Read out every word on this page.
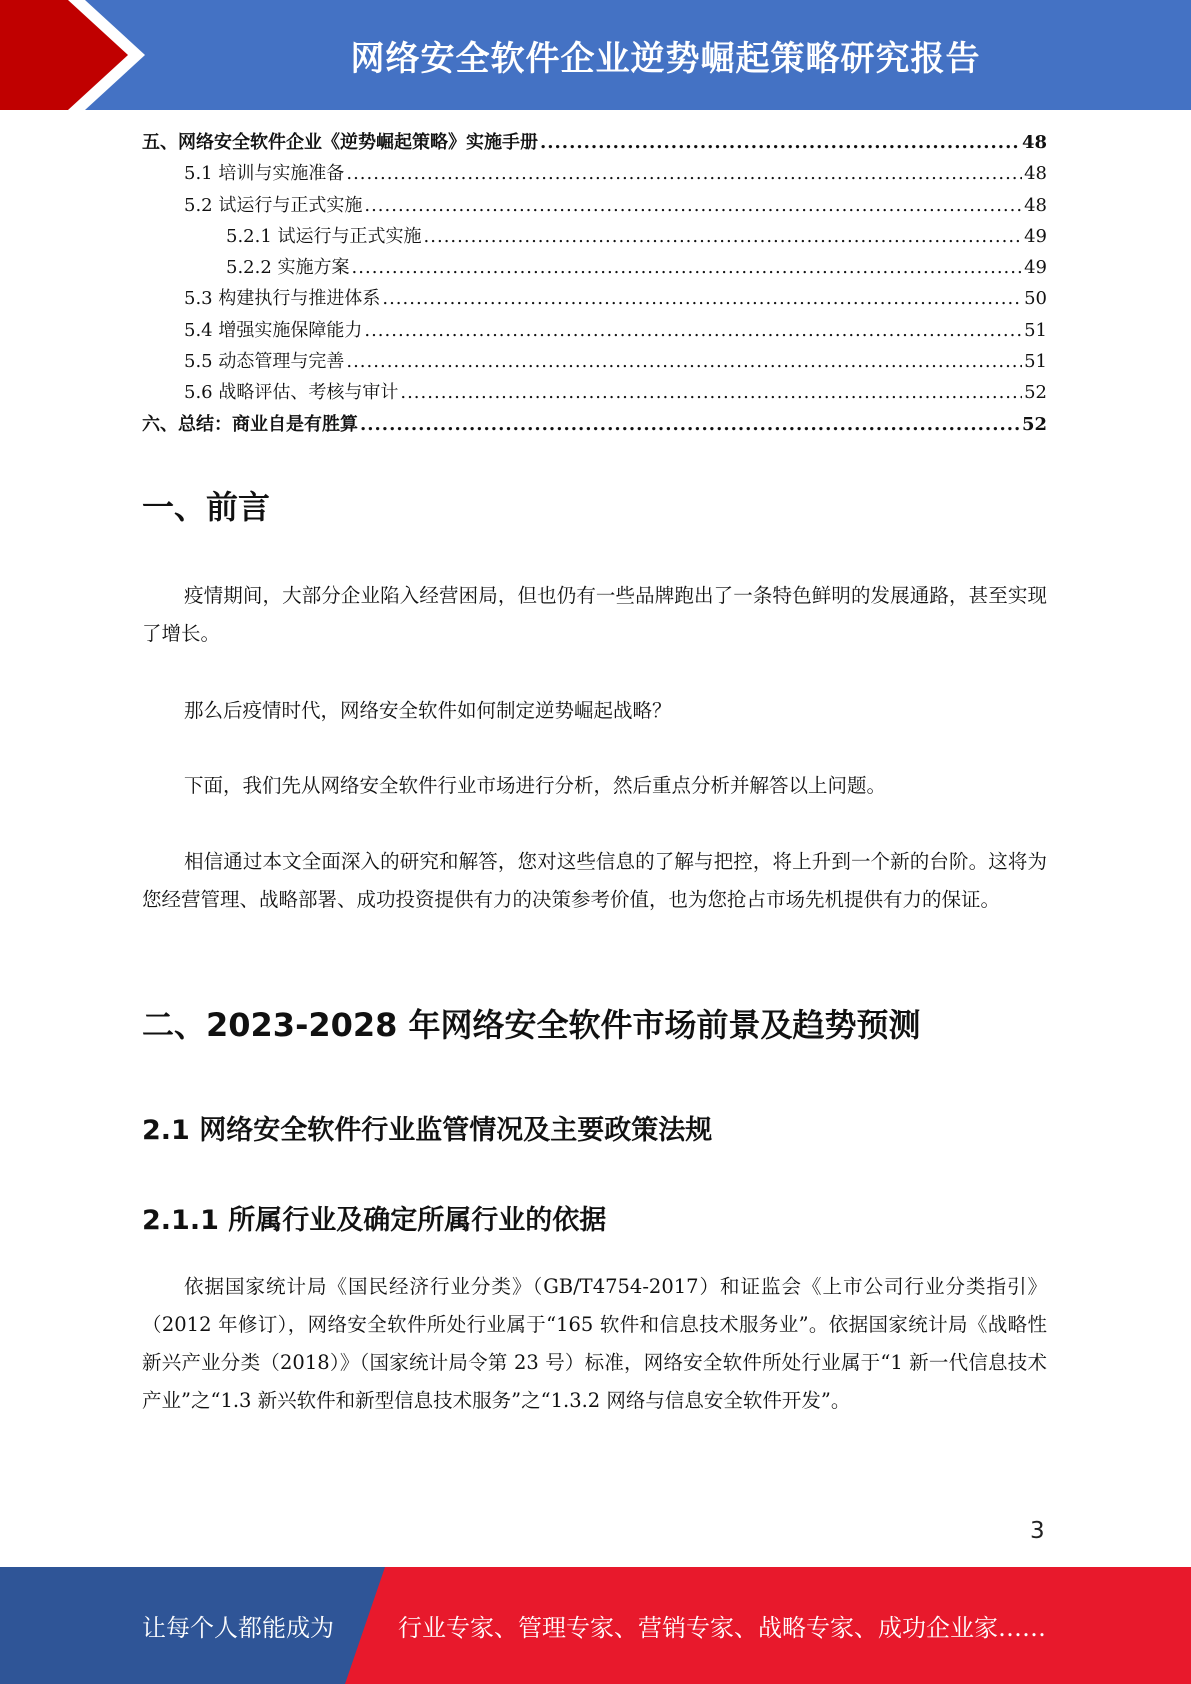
网络安全软件企业逆势崛起策略研究报告
五、网络安全软件企业《逆势崛起策略》实施手册 .....	48
5.1 培训与实施准备 .....	48
5.2 试运行与正式实施 .....	48
5.2.1 试运行与正式实施 .....	49
5.2.2 实施方案 .....	49
5.3 构建执行与推进体系 .....	50
5.4 增强实施保障能力 .....	51
5.5 动态管理与完善 .....	51
5.6 战略评估、考核与审计 .....	52
六、总结：商业自是有胜算 .....	52
一、前言
疫情期间，大部分企业陷入经营困局，但也仍有一些品牌跑出了一条特色鲜明的发展通路，甚至实现了增长。
那么后疫情时代，网络安全软件如何制定逆势崛起战略？
下面，我们先从网络安全软件行业市场进行分析，然后重点分析并解答以上问题。
相信通过本文全面深入的研究和解答，您对这些信息的了解与把控，将上升到一个新的台阶。这将为您经营管理、战略部署、成功投资提供有力的决策参考价值，也为您抢占市场先机提供有力的保证。
二、2023-2028 年网络安全软件市场前景及趋势预测
2.1 网络安全软件行业监管情况及主要政策法规
2.1.1 所属行业及确定所属行业的依据
依据国家统计局《国民经济行业分类》（GB/T4754-2017）和证监会《上市公司行业分类指引》（2012 年修订），网络安全软件所处行业属于“165 软件和信息技术服务业”。依据国家统计局《战略性新兴产业分类（2018）》（国家统计局令第 23 号）标准，网络安全软件所处行业属于“1 新一代信息技术产业”之“1.3 新兴软件和新型信息技术服务”之“1.3.2 网络与信息安全软件开发”。
3
让每个人都能成为	行业专家、管理专家、营销专家、战略专家、成功企业家……
